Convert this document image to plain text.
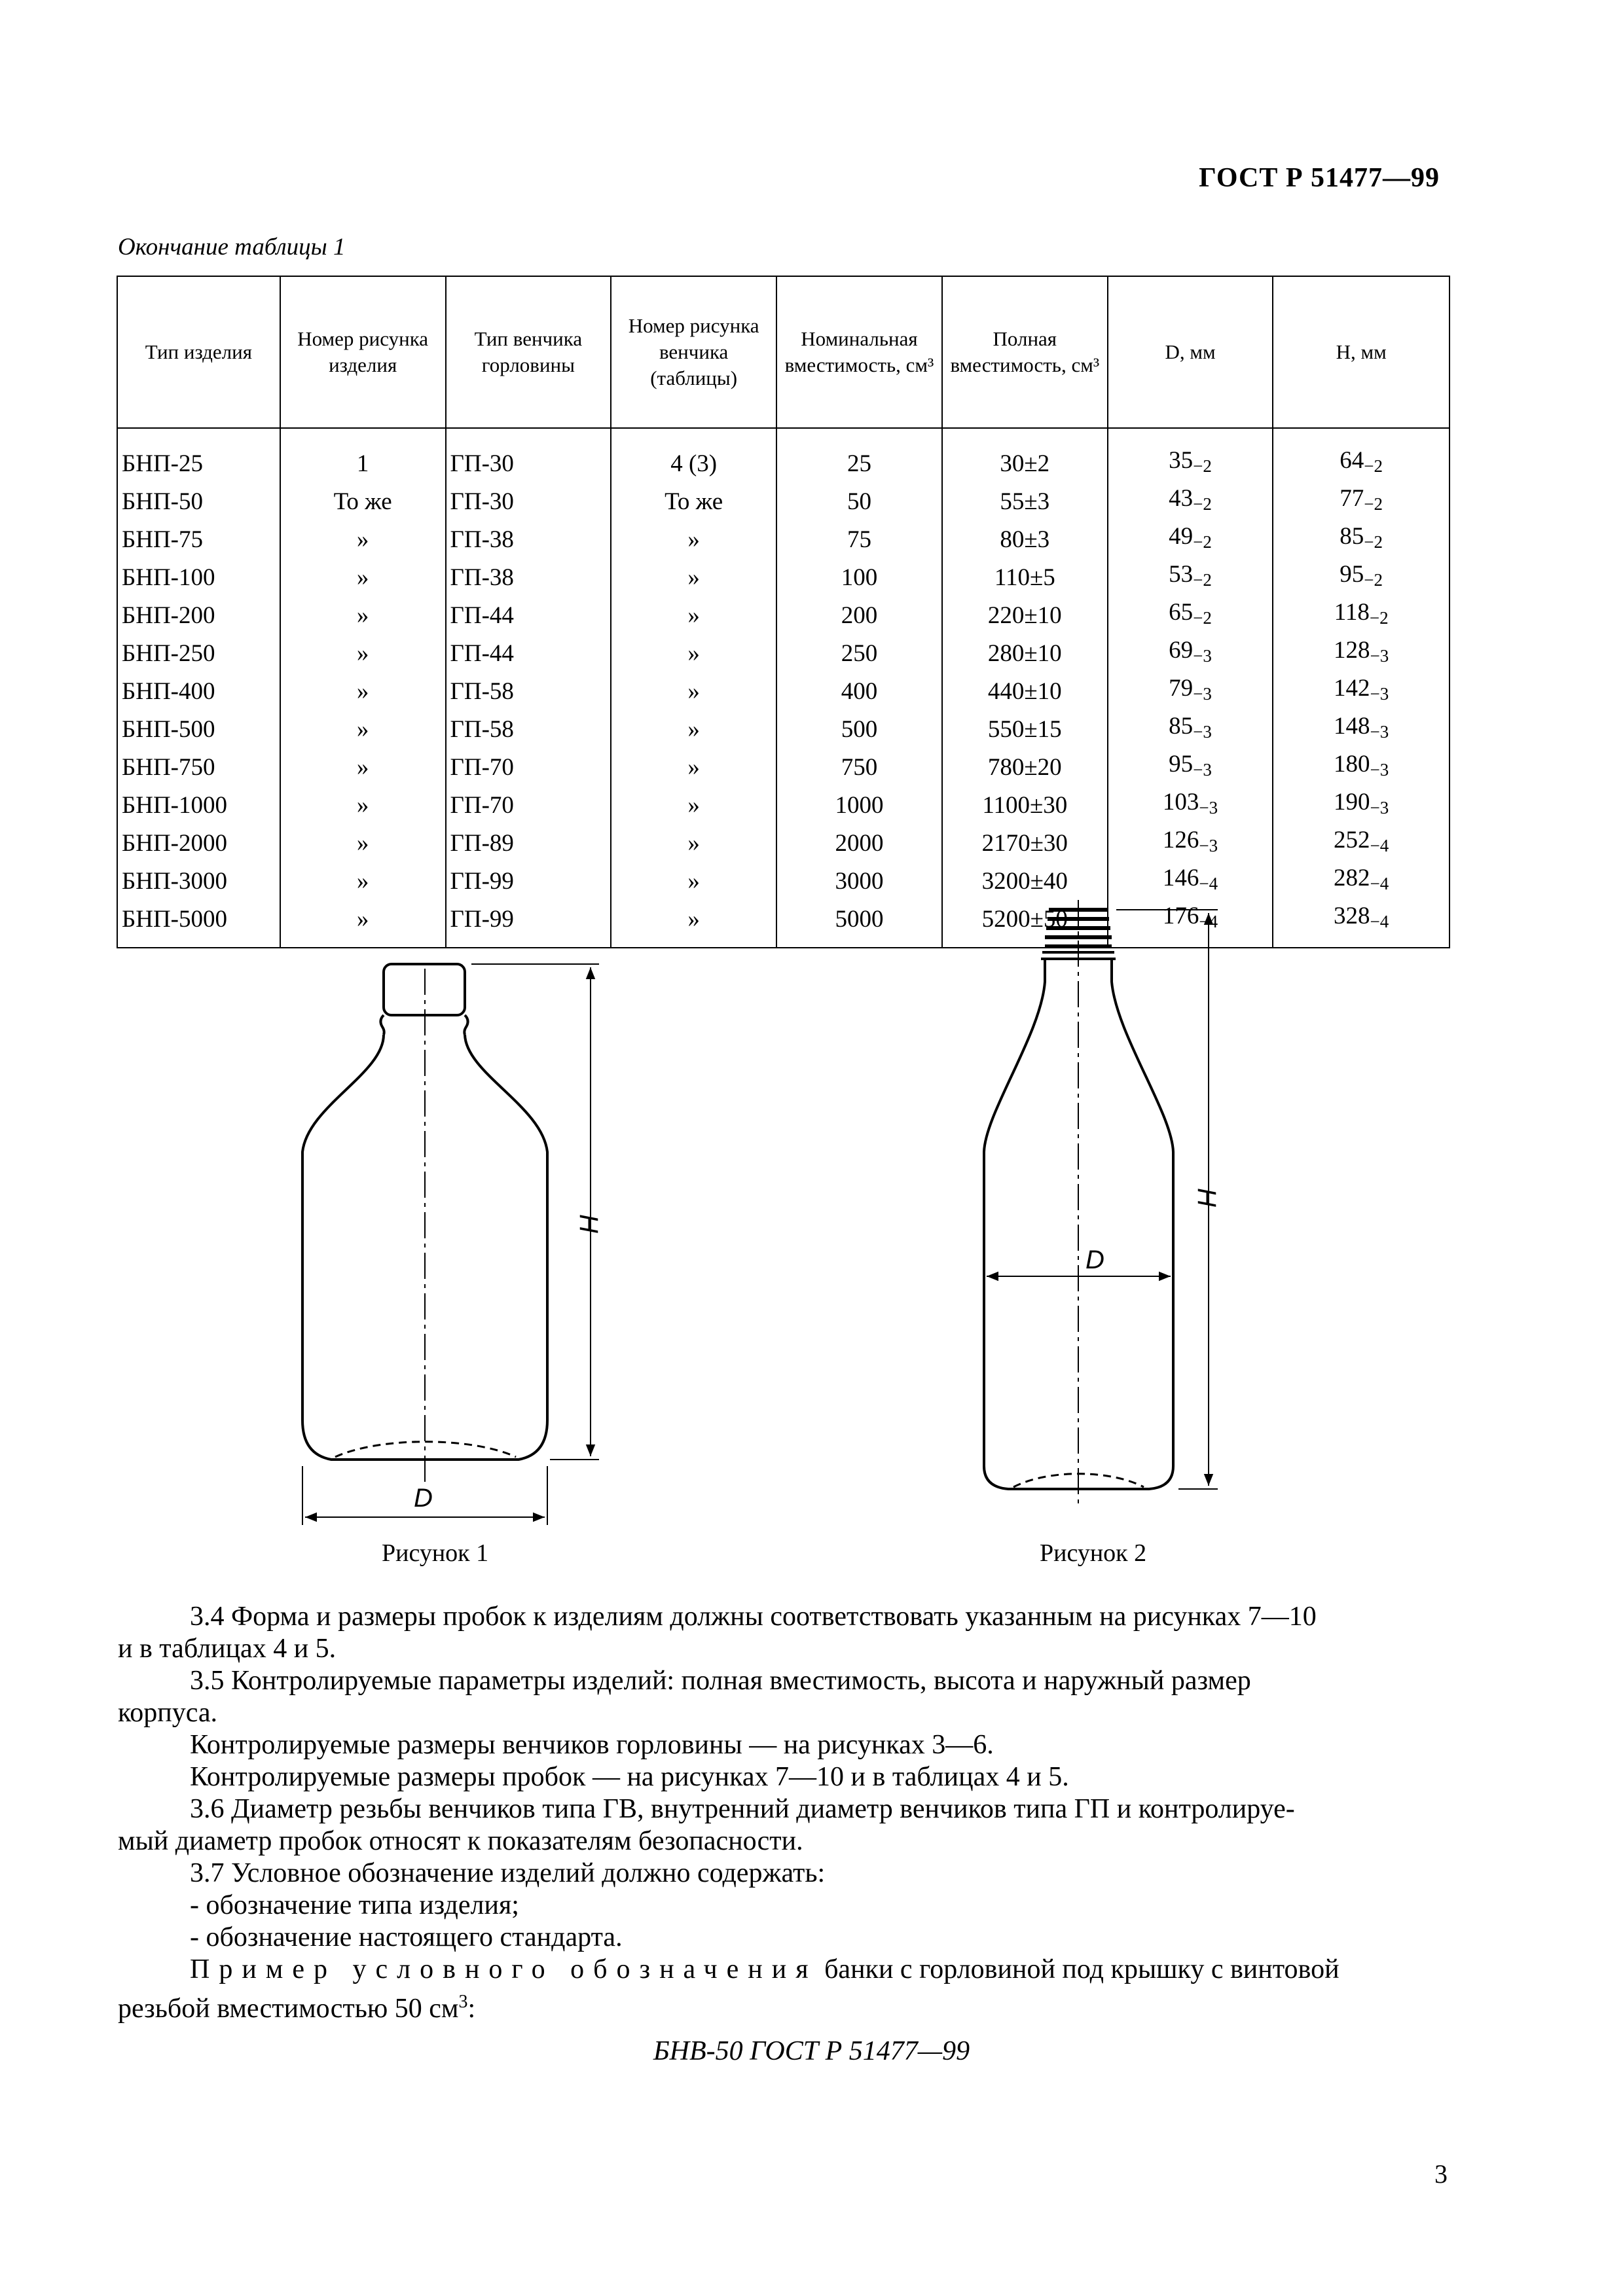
ГОСТ Р 51477—99
Окончание таблицы 1
Тип изделия	Номер рисунка изделия	Тип венчика горловины	Номер рисунка венчика (таблицы)	Номинальная вместимость, см³	Полная вместимость, см³	D, мм	H, мм
БНП-25	1	ГП-30	4 (3)	25	30±2	$35_{-2}$	$64_{-2}$
БНП-50	То же	ГП-30	То же	50	55±3	$43_{-2}$	$77_{-2}$
БНП-75	»	ГП-38	»	75	80±3	$49_{-2}$	$85_{-2}$
БНП-100	»	ГП-38	»	100	110±5	$53_{-2}$	$95_{-2}$
БНП-200	»	ГП-44	»	200	220±10	$65_{-2}$	$118_{-2}$
БНП-250	»	ГП-44	»	250	280±10	$69_{-3}$	$128_{-3}$
БНП-400	»	ГП-58	»	400	440±10	$79_{-3}$	$142_{-3}$
БНП-500	»	ГП-58	»	500	550±15	$85_{-3}$	$148_{-3}$
БНП-750	»	ГП-70	»	750	780±20	$95_{-3}$	$180_{-3}$
БНП-1000	»	ГП-70	»	1000	1100±30	$103_{-3}$	$190_{-3}$
БНП-2000	»	ГП-89	»	2000	2170±30	$126_{-3}$	$252_{-4}$
БНП-3000	»	ГП-99	»	3000	3200±40	$146_{-4}$	$282_{-4}$
БНП-5000	»	ГП-99	»	5000	5200±50	$176_{-4}$	$328_{-4}$
H
D
H
D
Рисунок 1	Рисунок 2
3.4 Форма и размеры пробок к изделиям должны соответствовать указанным на рисунках 7—10
и в таблицах 4 и 5.
3.5 Контролируемые параметры изделий: полная вместимость, высота и наружный размер
корпуса.
Контролируемые размеры венчиков горловины — на рисунках 3—6.
Контролируемые размеры пробок — на рисунках 7—10 и в таблицах 4 и 5.
3.6 Диаметр резьбы венчиков типа ГВ, внутренний диаметр венчиков типа ГП и контролируе-
мый диаметр пробок относят к показателям безопасности.
3.7 Условное обозначение изделий должно содержать:
- обозначение типа изделия;
- обозначение настоящего стандарта.
Пример условного обозначения банки с горловиной под крышку с винтовой
резьбой вместимостью 50 $см^3$:
БНВ-50 ГОСТ Р 51477—99
3
